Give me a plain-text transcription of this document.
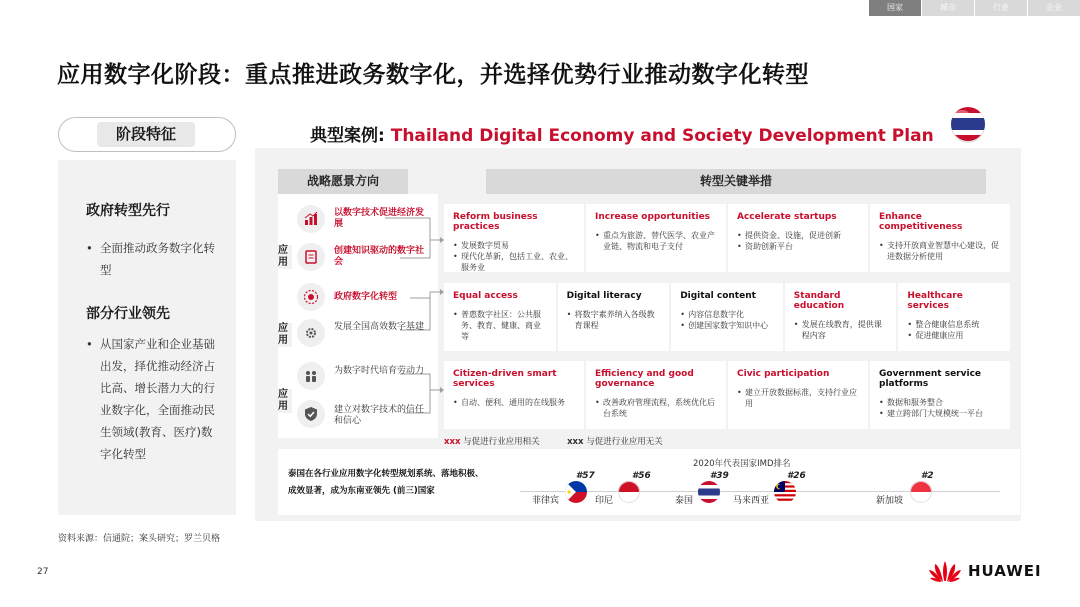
国家	城市	行业	企业
应用数字化阶段：重点推进政务数字化，并选择优势行业推动数字化转型
阶段特征
政府转型先行
• 全面推动政务数字化转型
部分行业领先
• 从国家产业和企业基础出发，择优推动经济占比高、增长潜力大的行业数字化，全面推动民生领域(教育、医疗)数字化转型
典型案例: Thailand Digital Economy and Society Development Plan
战略愿景方向	转型关键举措
应用
应用
应用
以数字技术促进经济发展
创建知识驱动的数字社会
政府数字化转型
发展全国高效数字基建
为数字时代培育劳动力
建立对数字技术的信任和信心
Reform business practices
• 发展数字贸易
• 现代化革新，包括工业、农业、服务业
Increase opportunities
• 重点为旅游、替代医学、农业产业链、物流和电子支付
Accelerate startups
• 提供资金、设施，促进创新
• 资助创新平台
Enhance competitiveness
• 支持开放商业智慧中心建设，促进数据分析使用
Equal access
• 普惠数字社区：公共服务、教育、健康、商业等
Digital literacy
• 将数字素养纳入各级教育课程
Digital content
• 内容信息数字化
• 创建国家数字知识中心
Standard education
• 发展在线教育，提供课程内容
Healthcare services
• 整合健康信息系统
• 促进健康应用
Citizen-driven smart services
• 自动、便利、通用的在线服务
Efficiency and good governance
• 改善政府管理流程，系统优化后台系统
Civic participation
• 建立开放数据标准，支持行业应用
Government service platforms
• 数据和服务整合
• 建立跨部门大规模统一平台
xxx 与促进行业应用相关	xxx 与促进行业应用无关
泰国在各行业应用数字化转型规划系统、落地积极、成效显著，成为东南亚领先 (前三)国家
2020年代表国家IMD排名
#57
菲律宾
#56
印尼
#39
泰国
#26
马来西亚
#2
新加坡
资料来源：信通院；案头研究；罗兰贝格
27	HUAWEI
